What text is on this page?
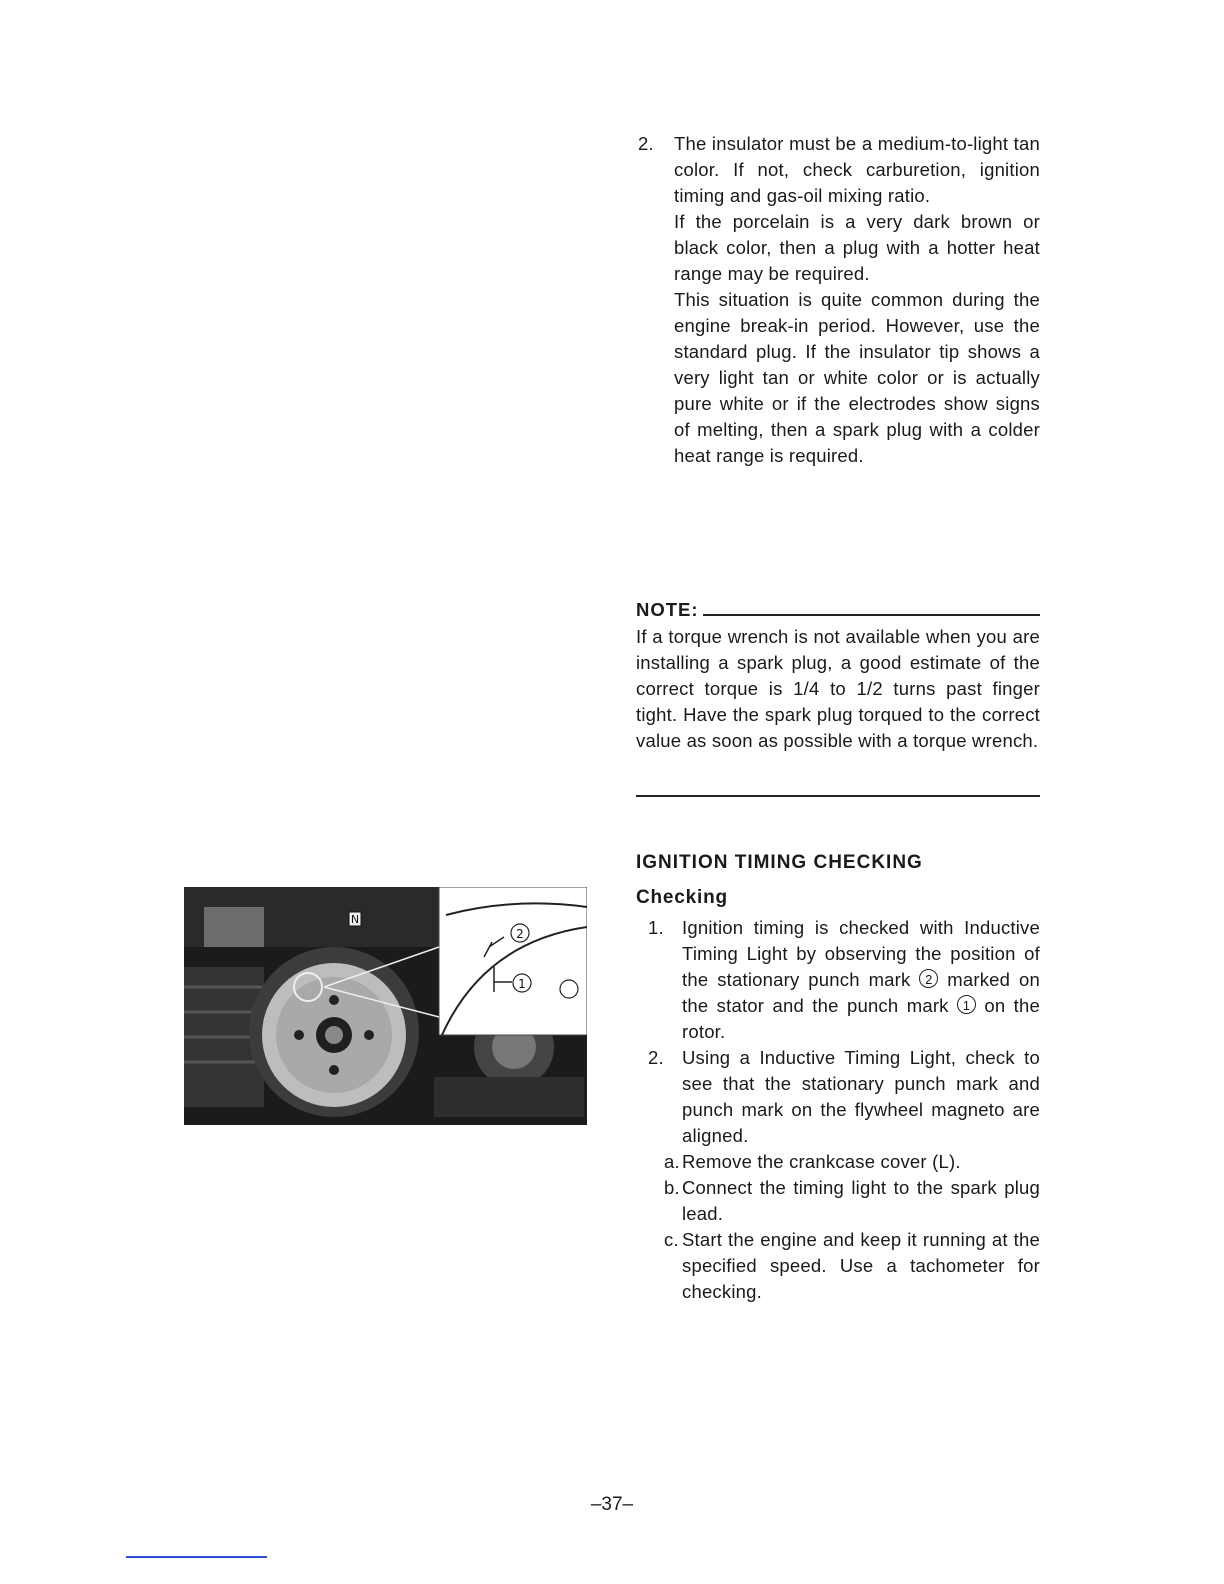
2. The insulator must be a medium-to-light tan color. If not, check carburetion, ignition timing and gas-oil mixing ratio.

If the porcelain is a very dark brown or black color, then a plug with a hotter heat range may be required.

This situation is quite common during the engine break-in period. However, use the standard plug. If the insulator tip shows a very light tan or white color or is actually pure white or if the electrodes show signs of melting, then a spark plug with a colder heat range is required.

NOTE:

If a torque wrench is not available when you are installing a spark plug, a good estimate of the correct torque is 1/4 to 1/2 turns past finger tight. Have the spark plug torqued to the correct value as soon as possible with a torque wrench.

IGNITION TIMING CHECKING
Checking
1. Ignition timing is checked with Inductive Timing Light by observing the position of the stationary punch mark 2 marked on the stator and the punch mark 1 on the rotor.
2. Using a Inductive Timing Light, check to see that the stationary punch mark and punch mark on the flywheel magneto are aligned.
a. Remove the crankcase cover (L).
b. Connect the timing light to the spark plug lead.
c. Start the engine and keep it running at the specified speed. Use a tachometer for checking.
N
2
1
–37–
